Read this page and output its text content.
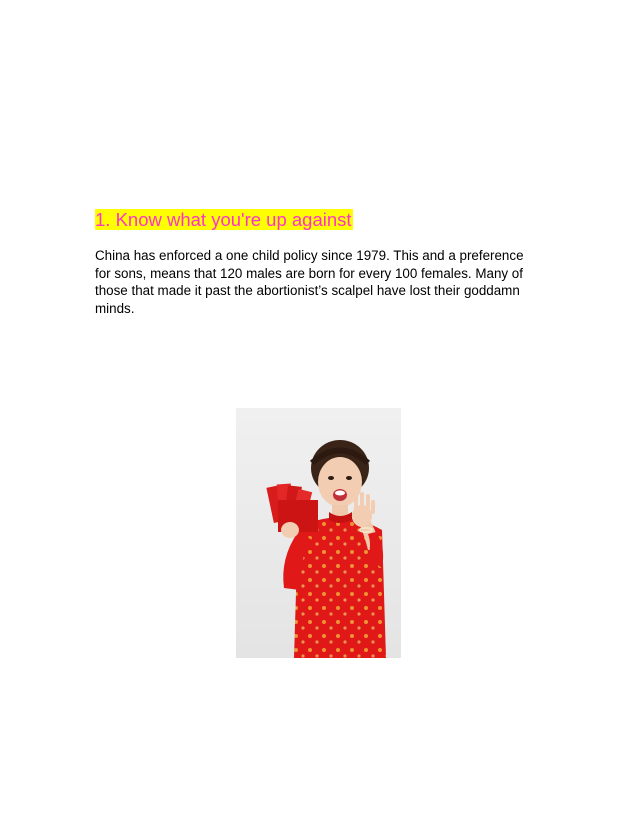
1. Know what you're up against

China has enforced a one child policy since 1979. This and a preference
for sons, means that 120 males are born for every 100 females. Many of
those that made it past the abortionist’s scalpel have lost their goddamn
minds.
